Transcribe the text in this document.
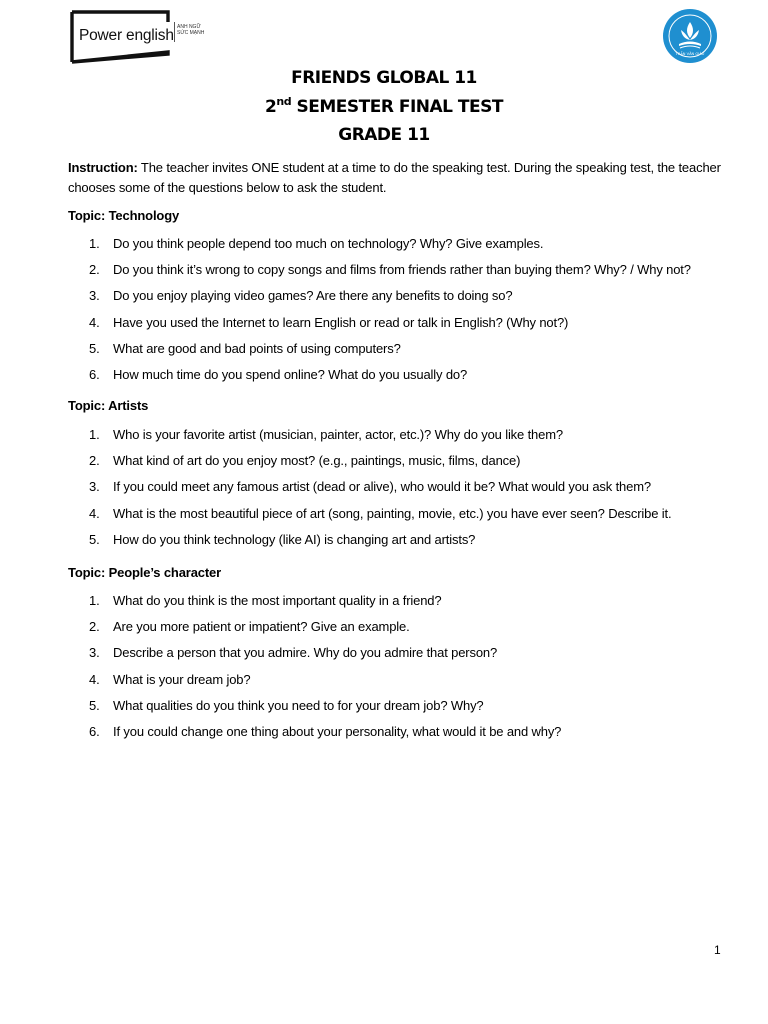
Power english ANH NGỮ
SỨC MẠNH
TRẦN VĂN GIÀU
FRIENDS GLOBAL 11
2nd SEMESTER FINAL TEST
GRADE 11
Instruction: The teacher invites ONE student at a time to do the speaking test. During the speaking test, the teacher chooses some of the questions below to ask the student.
Topic: Technology
1. Do you think people depend too much on technology? Why? Give examples.
2. Do you think it’s wrong to copy songs and films from friends rather than buying them? Why? / Why not?
3. Do you enjoy playing video games? Are there any benefits to doing so?
4. Have you used the Internet to learn English or read or talk in English? (Why not?)
5. What are good and bad points of using computers?
6. How much time do you spend online? What do you usually do?
Topic: Artists
1. Who is your favorite artist (musician, painter, actor, etc.)? Why do you like them?
2. What kind of art do you enjoy most? (e.g., paintings, music, films, dance)
3. If you could meet any famous artist (dead or alive), who would it be? What would you ask them?
4. What is the most beautiful piece of art (song, painting, movie, etc.) you have ever seen? Describe it.
5. How do you think technology (like AI) is changing art and artists?
Topic: People’s character
1. What do you think is the most important quality in a friend?
2. Are you more patient or impatient? Give an example.
3. Describe a person that you admire. Why do you admire that person?
4. What is your dream job?
5. What qualities do you think you need to for your dream job? Why?
6. If you could change one thing about your personality, what would it be and why?
1
